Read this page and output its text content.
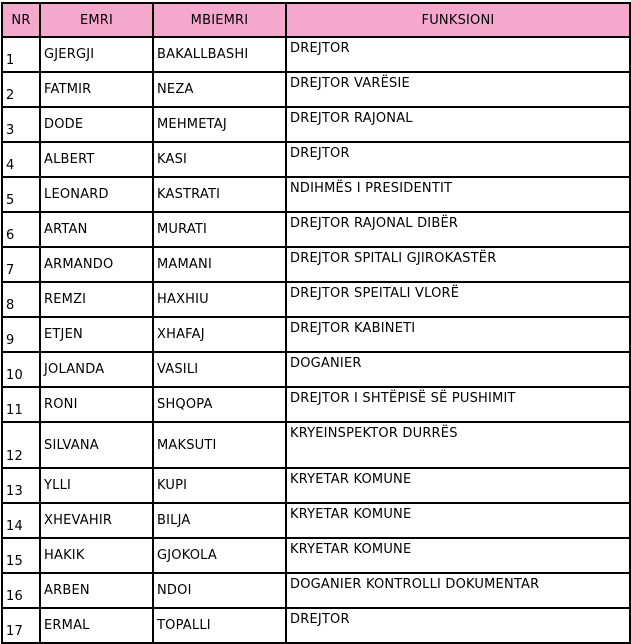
NR	EMRI	MBIEMRI	FUNKSIONI
1	GJERGJI	BAKALLBASHI	DREJTOR
2	FATMIR	NEZA	DREJTOR VARËSIE
3	DODE	MEHMETAJ	DREJTOR RAJONAL
4	ALBERT	KASI	DREJTOR
5	LEONARD	KASTRATI	NDIHMËS I PRESIDENTIT
6	ARTAN	MURATI	DREJTOR RAJONAL DIBËR
7	ARMANDO	MAMANI	DREJTOR SPITALI GJIROKASTËR
8	REMZI	HAXHIU	DREJTOR SPEITALI VLORË
9	ETJEN	XHAFAJ	DREJTOR KABINETI
10	JOLANDA	VASILI	DOGANIER
11	RONI	SHQOPA	DREJTOR I SHTËPISË SË PUSHIMIT
12	SILVANA	MAKSUTI	KRYEINSPEKTOR DURRËS
13	YLLI	KUPI	KRYETAR KOMUNE
14	XHEVAHIR	BILJA	KRYETAR KOMUNE
15	HAKIK	GJOKOLA	KRYETAR KOMUNE
16	ARBEN	NDOI	DOGANIER KONTROLLI DOKUMENTAR
17	ERMAL	TOPALLI	DREJTOR
